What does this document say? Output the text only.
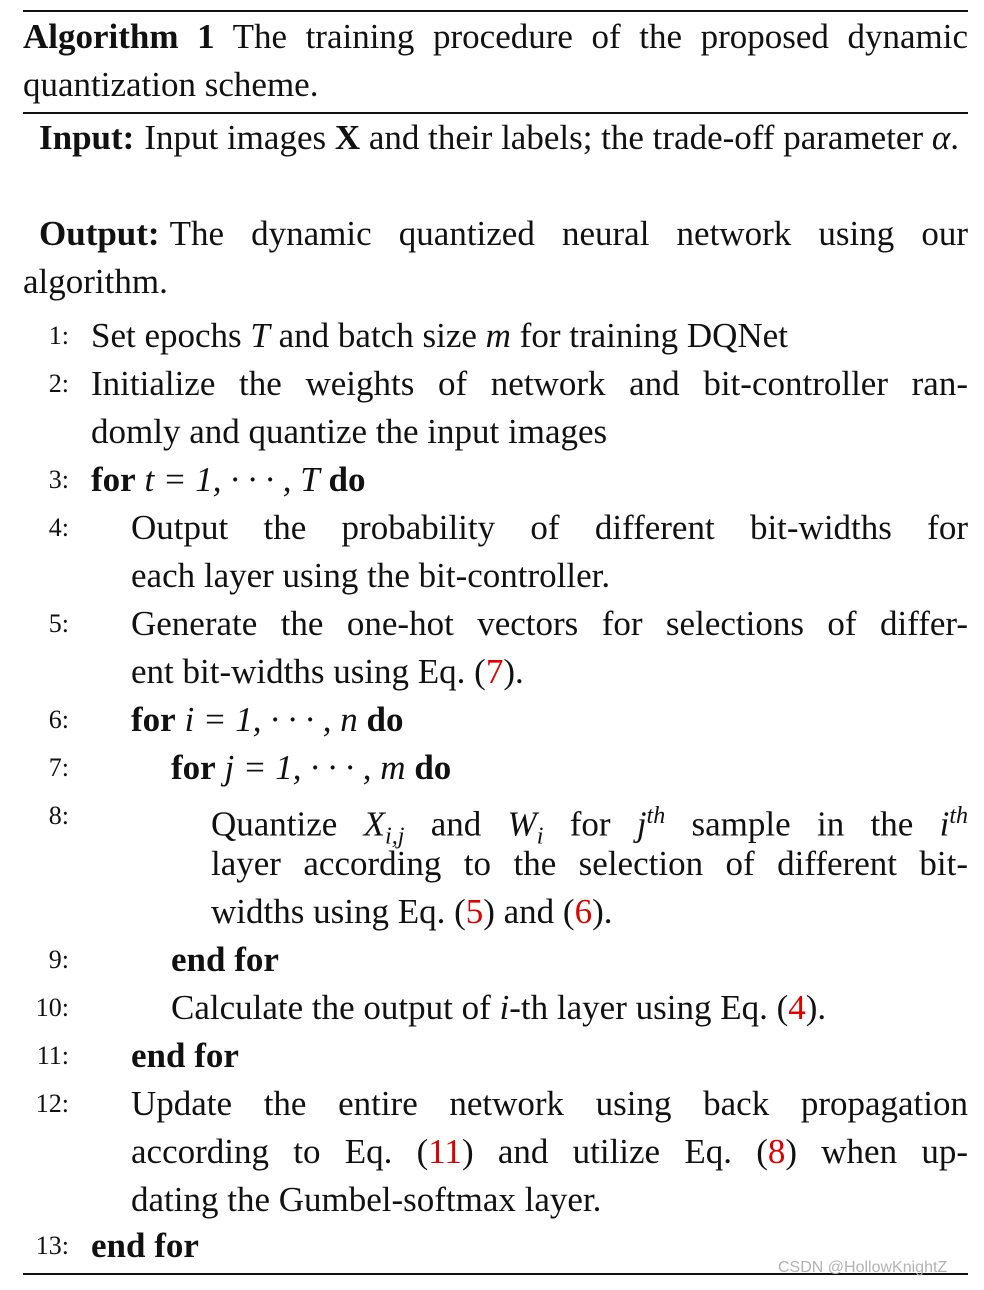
Algorithm 1 The training procedure of the proposed dynamic quantization scheme.
Input: Input images X and their labels; the trade-off parameter α.
Output: The dynamic quantized neural network using our algorithm.
1: Set epochs T and batch size m for training DQNet
2: Initialize the weights of network and bit-controller ran-
domly and quantize the input images
3: for t = 1, · · · , T do
4: Output the probability of different bit-widths for
each layer using the bit-controller.
5: Generate the one-hot vectors for selections of differ-
ent bit-widths using Eq. (7).
6: for i = 1, · · · , n do
7:	for j = 1, · · · , m do
8:	Quantize $X_{i,j}$ and $W_i$ for $j^{th}$ sample in the $i^{th}$
layer according to the selection of different bit-
widths using Eq. (5) and (6).
9:	end for
10:	Calculate the output of i-th layer using Eq. (4).
11: end for
12: Update the entire network using back propagation
according to Eq. (11) and utilize Eq. (8) when up-
dating the Gumbel-softmax layer.
13: end for
CSDN @HollowKnightZ
